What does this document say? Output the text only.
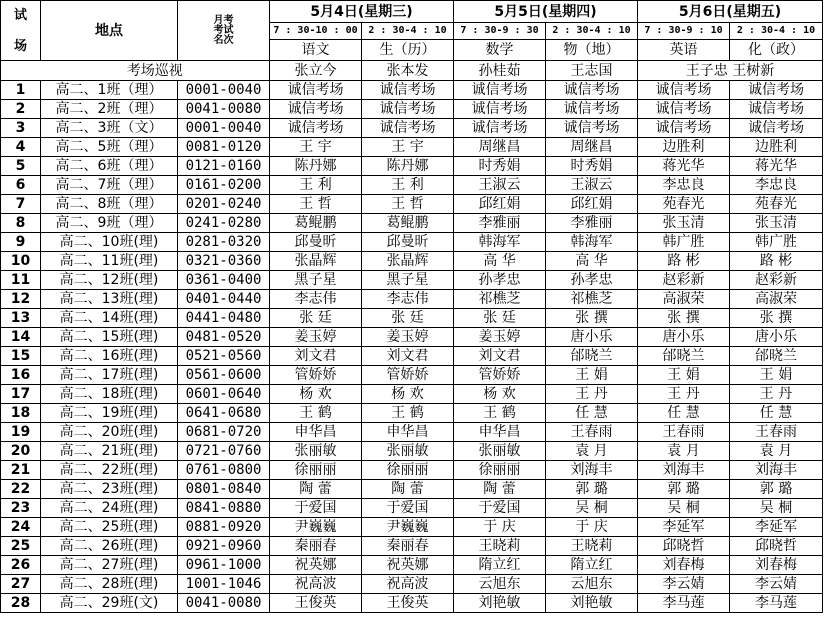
试
场	地点	月考
考试
名次	5月4日(星期三)		5月5日(星期四)		5月6日(星期五)	
			7 : 30-10 : 00	2 : 30-4 : 10	7 : 30-9 : 30	2 : 30-4 : 10	7 : 30-9 : 10	2 : 30-4 : 10
			语文	生（历）	数学	物（地）	英语	化（政）
	考场巡视		张立今	张本发	孙桂茹	王志国	王子忠 王树新	
1	高二、1班（理）	0001-0040	诚信考场	诚信考场	诚信考场	诚信考场	诚信考场	诚信考场
2	高二、2班（理）	0041-0080	诚信考场	诚信考场	诚信考场	诚信考场	诚信考场	诚信考场
3	高二、3班（文）	0001-0040	诚信考场	诚信考场	诚信考场	诚信考场	诚信考场	诚信考场
4	高二、5班（理）	0081-0120	王 宇	王 宇	周继昌	周继昌	边胜利	边胜利
5	高二、6班（理）	0121-0160	陈丹娜	陈丹娜	时秀娟	时秀娟	蒋光华	蒋光华
6	高二、7班（理）	0161-0200	王 利	王 利	王淑云	王淑云	李忠良	李忠良
7	高二、8班（理）	0201-0240	王 哲	王 哲	邱红娟	邱红娟	苑春光	苑春光
8	高二、9班（理）	0241-0280	葛鲲鹏	葛鲲鹏	李雅丽	李雅丽	张玉清	张玉清
9	高二、10班(理)	0281-0320	邱曼昕	邱曼昕	韩海军	韩海军	韩广胜	韩广胜
10	高二、11班(理)	0321-0360	张晶辉	张晶辉	高 华	高 华	路 彬	路 彬
11	高二、12班(理)	0361-0400	黑子星	黑子星	孙孝忠	孙孝忠	赵彩新	赵彩新
12	高二、13班(理)	0401-0440	李志伟	李志伟	祁樵芝	祁樵芝	高淑荣	高淑荣
13	高二、14班(理)	0441-0480	张 廷	张 廷	张 廷	张 撰	张 撰	张 撰
14	高二、15班(理)	0481-0520	姜玉婷	姜玉婷	姜玉婷	唐小乐	唐小乐	唐小乐
15	高二、16班(理)	0521-0560	刘文君	刘文君	刘文君	邰晓兰	邰晓兰	邰晓兰
16	高二、17班(理)	0561-0600	管娇娇	管娇娇	管娇娇	王 娟	王 娟	王 娟
17	高二、18班(理)	0601-0640	杨 欢	杨 欢	杨 欢	王 丹	王 丹	王 丹
18	高二、19班(理)	0641-0680	王 鹤	王 鹤	王 鹤	任 慧	任 慧	任 慧
19	高二、20班(理)	0681-0720	申华昌	申华昌	申华昌	王春雨	王春雨	王春雨
20	高二、21班(理)	0721-0760	张丽敏	张丽敏	张丽敏	袁 月	袁 月	袁 月
21	高二、22班(理)	0761-0800	徐丽丽	徐丽丽	徐丽丽	刘海丰	刘海丰	刘海丰
22	高二、23班(理)	0801-0840	陶 蕾	陶 蕾	陶 蕾	郭 璐	郭 璐	郭 璐
23	高二、24班(理)	0841-0880	于爱国	于爱国	于爱国	吴 桐	吴 桐	吴 桐
24	高二、25班(理)	0881-0920	尹巍巍	尹巍巍	于 庆	于 庆	李延军	李延军
25	高二、26班(理)	0921-0960	秦丽春	秦丽春	王晓莉	王晓莉	邱晓哲	邱晓哲
26	高二、27班(理)	0961-1000	祝英娜	祝英娜	隋立红	隋立红	刘春梅	刘春梅
27	高二、28班(理)	1001-1046	祝高波	祝高波	云旭东	云旭东	李云婧	李云婧
28	高二、29班(文)	0041-0080	王俊英	王俊英	刘艳敏	刘艳敏	李马莲	李马莲
